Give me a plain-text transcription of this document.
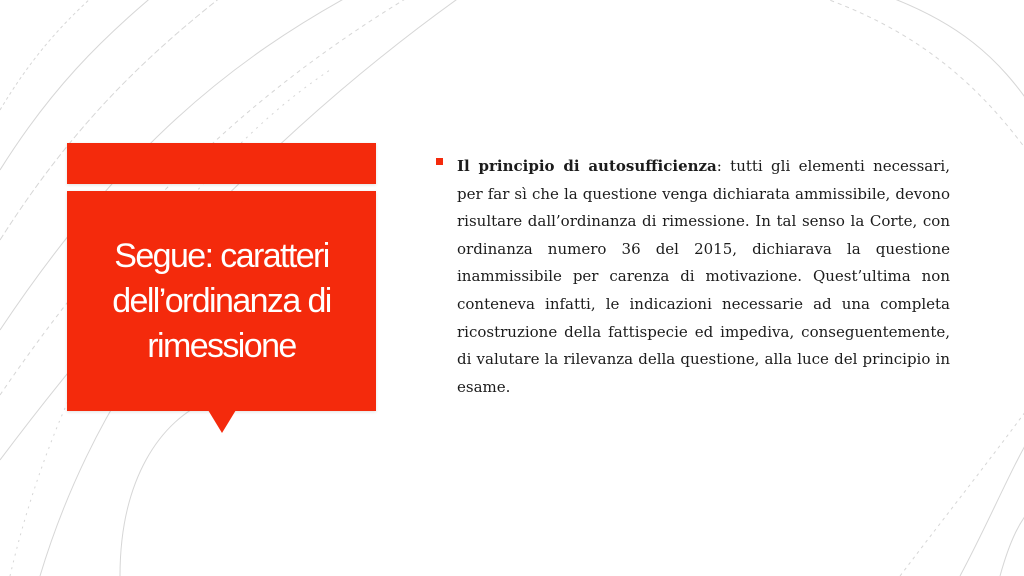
Segue: caratteri
dell’ordinanza di
rimessione

Il principio di autosufficienza: tutti gli elementi necessari, per far sì che la questione venga dichiarata ammissibile, devono risultare dall’ordinanza di rimessione. In tal senso la Corte, con ordinanza numero 36 del 2015, dichiarava la questione inammissibile per carenza di motivazione. Quest’ultima non conteneva infatti, le indicazioni necessarie ad una completa ricostruzione della fattispecie ed impediva, conseguentemente, di valutare la rilevanza della questione, alla luce del principio in esame.
